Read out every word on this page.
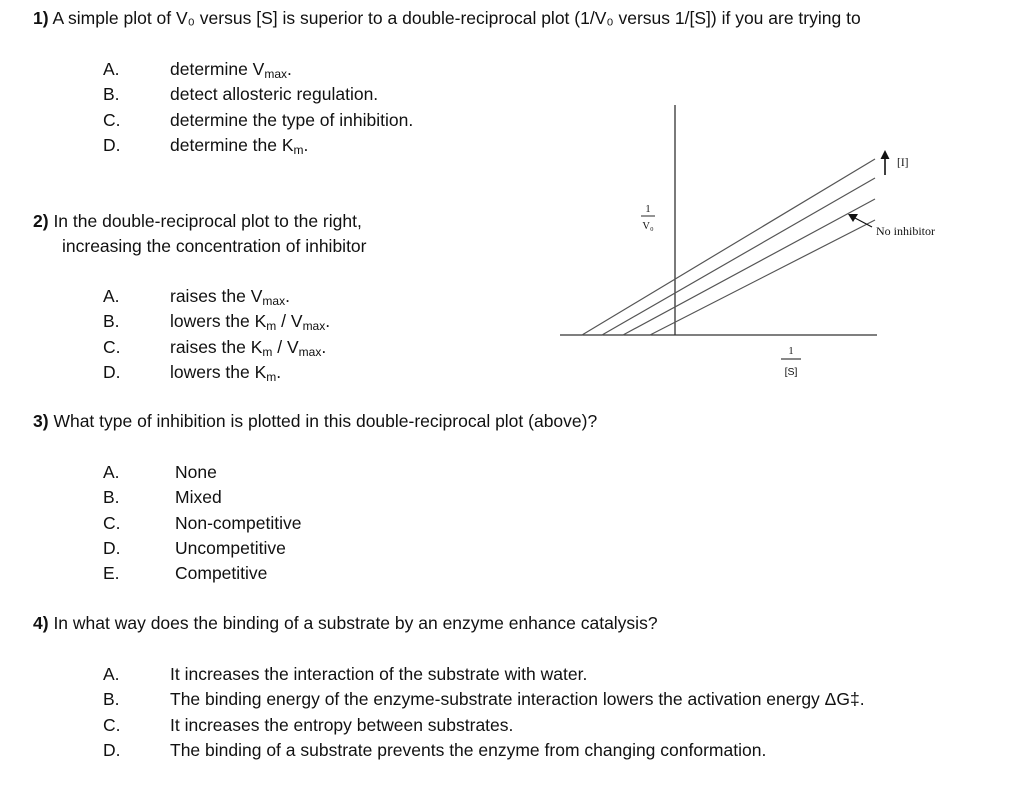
1) A simple plot of V₀ versus [S] is superior to a double-reciprocal plot (1/V₀ versus 1/[S]) if you are trying to
A.	determine $V_{max}$.
B.	detect allosteric regulation.
C.	determine the type of inhibition.
D.	determine the $K_m$.
2) In the double-reciprocal plot to the right,
increasing the concentration of inhibitor
A.	raises the $V_{max}$.
B.	lowers the $K_m / V_{max}$.
C.	raises the $K_m / V_{max}$.
D.	lowers the $K_m$.
[I]
No inhibitor
1
V₀
1
[S]
3) What type of inhibition is plotted in this double-reciprocal plot (above)?
A.	None
B.	Mixed
C.	Non-competitive
D.	Uncompetitive
E.	Competitive
4) In what way does the binding of a substrate by an enzyme enhance catalysis?
A.	It increases the interaction of the substrate with water.
B.	The binding energy of the enzyme-substrate interaction lowers the activation energy ΔG‡.
C.	It increases the entropy between substrates.
D.	The binding of a substrate prevents the enzyme from changing conformation.
